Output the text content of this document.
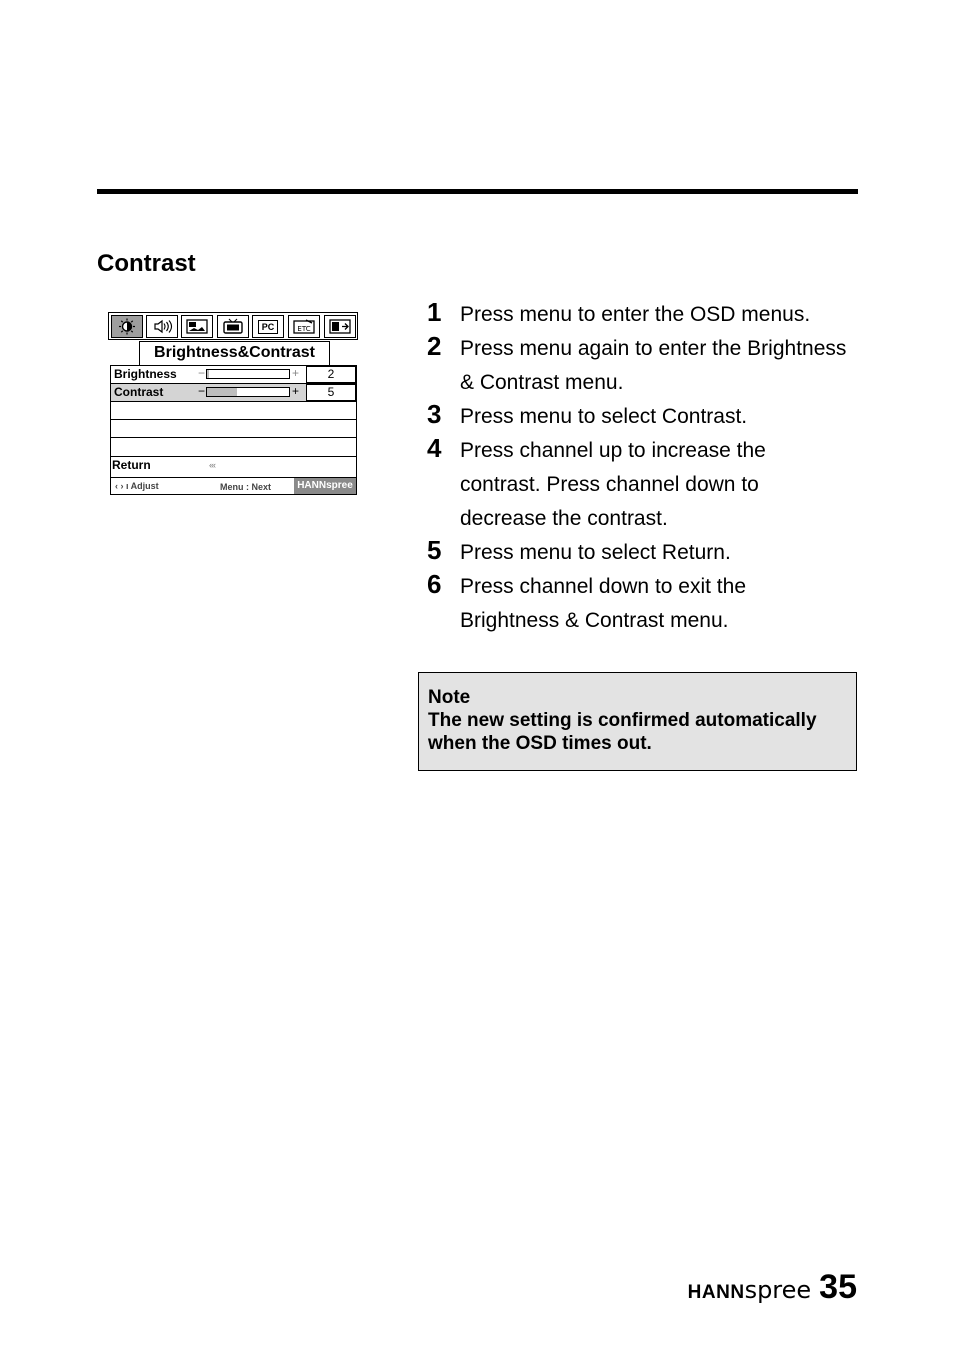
Contrast
PC	ETC
Brightness&Contrast
Brightness −	+	2
Contrast	−	+	5
Return	‹‹‹
‹ › ı Adjust	Menu : Next	HANNspree
1 Press menu to enter the OSD menus.
2 Press menu again to enter the Brightness & Contrast menu.
3 Press menu to select Contrast.
4 Press channel up to increase the contrast. Press channel down to decrease the contrast.
5 Press menu to select Return.
6 Press channel down to exit the Brightness & Contrast menu.
Note
The new setting is confirmed automatically when the OSD times out.
HANN spree 35
